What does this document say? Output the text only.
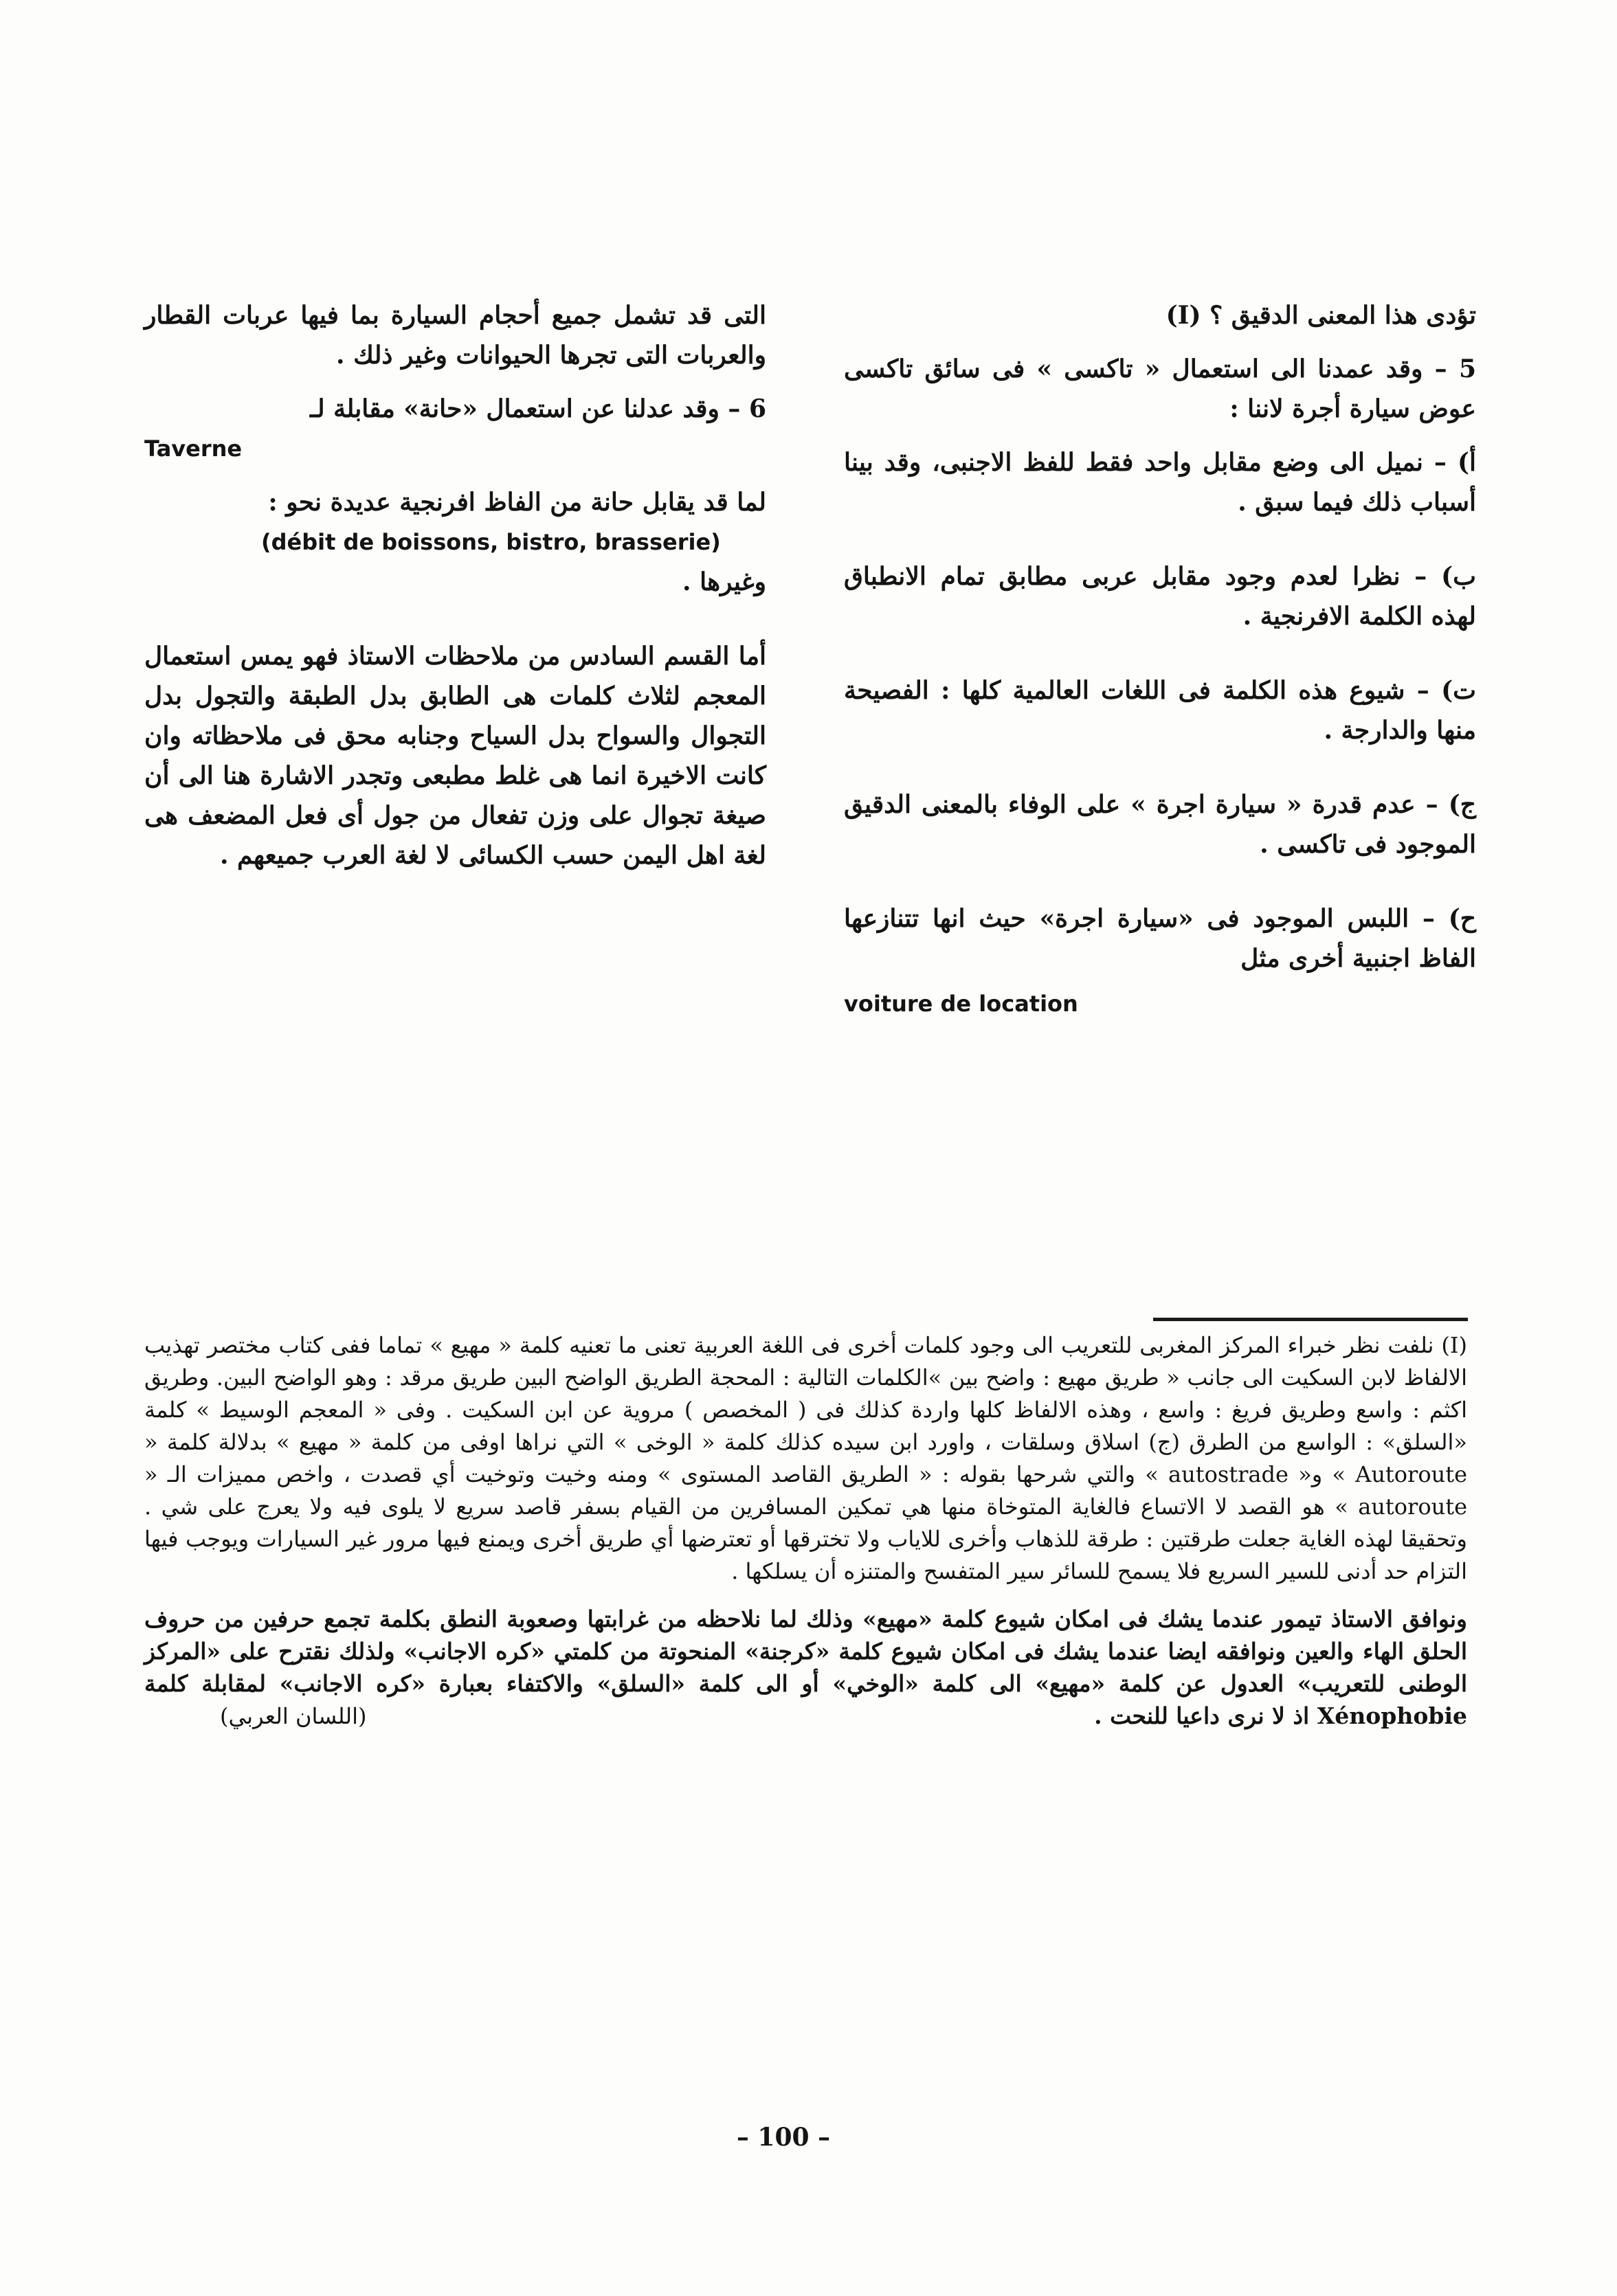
تؤدى هذا المعنى الدقيق ؟ (I)

5 – وقد عمدنا الى استعمال « تاكسى » فى سائق تاكسى عوض سيارة أجرة لاننا :

أ) – نميل الى وضع مقابل واحد فقط للفظ الاجنبى، وقد بينا أسباب ذلك فيما سبق .

ب) – نظرا لعدم وجود مقابل عربى مطابق تمام الانطباق لهذه الكلمة الافرنجية .

ت) – شيوع هذه الكلمة فى اللغات العالمية كلها : الفصيحة منها والدارجة .

ج) – عدم قدرة « سيارة اجرة » على الوفاء بالمعنى الدقيق الموجود فى تاكسى .

ح) – اللبس الموجود فى «سيارة اجرة» حيث انها تتنازعها الفاظ اجنبية أخرى مثل

voiture de location

التى قد تشمل جميع أحجام السيارة بما فيها عربات القطار والعربات التى تجرها الحيوانات وغير ذلك .

6 – وقد عدلنا عن استعمال «حانة» مقابلة لـ

Taverne

لما قد يقابل حانة من الفاظ افرنجية عديدة نحو :

(débit de boissons, bistro, brasserie)

وغيرها .

أما القسم السادس من ملاحظات الاستاذ فهو يمس استعمال المعجم لثلاث كلمات هى الطابق بدل الطبقة والتجول بدل التجوال والسواح بدل السياح وجنابه محق فى ملاحظاته وان كانت الاخيرة انما هى غلط مطبعى وتجدر الاشارة هنا الى أن صيغة تجوال على وزن تفعال من جول أى فعل المضعف هى لغة اهل اليمن حسب الكسائى لا لغة العرب جميعهم .

(I) نلفت نظر خبراء المركز المغربى للتعريب الى وجود كلمات أخرى فى اللغة العربية تعنى ما تعنيه كلمة « مهيع » تماما ففى كتاب مختصر تهذيب الالفاظ لابن السكيت الى جانب « طريق مهيع : واضح بين »الكلمات التالية : المحجة الطريق الواضح البين طريق مرقد : وهو الواضح البين. وطريق اكثم : واسع وطريق فريغ : واسع ، وهذه الالفاظ كلها واردة كذلك فى ( المخصص ) مروية عن ابن السكيت . وفى « المعجم الوسيط » كلمة «السلق» : الواسع من الطرق (ج) اسلاق وسلقات ، واورد ابن سيده كذلك كلمة « الوخى » التي نراها اوفى من كلمة « مهيع » بدلالة كلمة « Autoroute » و« autostrade » والتي شرحها بقوله : « الطريق القاصد المستوى » ومنه وخيت وتوخيت أي قصدت ، واخص مميزات الـ « autoroute » هو القصد لا الاتساع فالغاية المتوخاة منها هي تمكين المسافرين من القيام بسفر قاصد سريع لا يلوى فيه ولا يعرج على شي . وتحقيقا لهذه الغاية جعلت طرقتين : طرقة للذهاب وأخرى للاياب ولا تخترقها أو تعترضها أي طريق أخرى ويمنع فيها مرور غير السيارات ويوجب فيها التزام حد أدنى للسير السريع فلا يسمح للسائر سير المتفسح والمتنزه أن يسلكها .

ونوافق الاستاذ تيمور عندما يشك فى امكان شيوع كلمة «مهيع» وذلك لما نلاحظه من غرابتها وصعوبة النطق بكلمة تجمع حرفين من حروف الحلق الهاء والعين ونوافقه ايضا عندما يشك فى امكان شيوع كلمة «كرجنة» المنحوتة من كلمتي «كره الاجانب» ولذلك نقترح على «المركز الوطنى للتعريب» العدول عن كلمة «مهيع» الى كلمة «الوخي» أو الى كلمة «السلق» والاكتفاء بعبارة «كره الاجانب» لمقابلة كلمة Xénophobie اذ لا نرى داعيا للنحت .

(اللسان العربي)

– 100 –
